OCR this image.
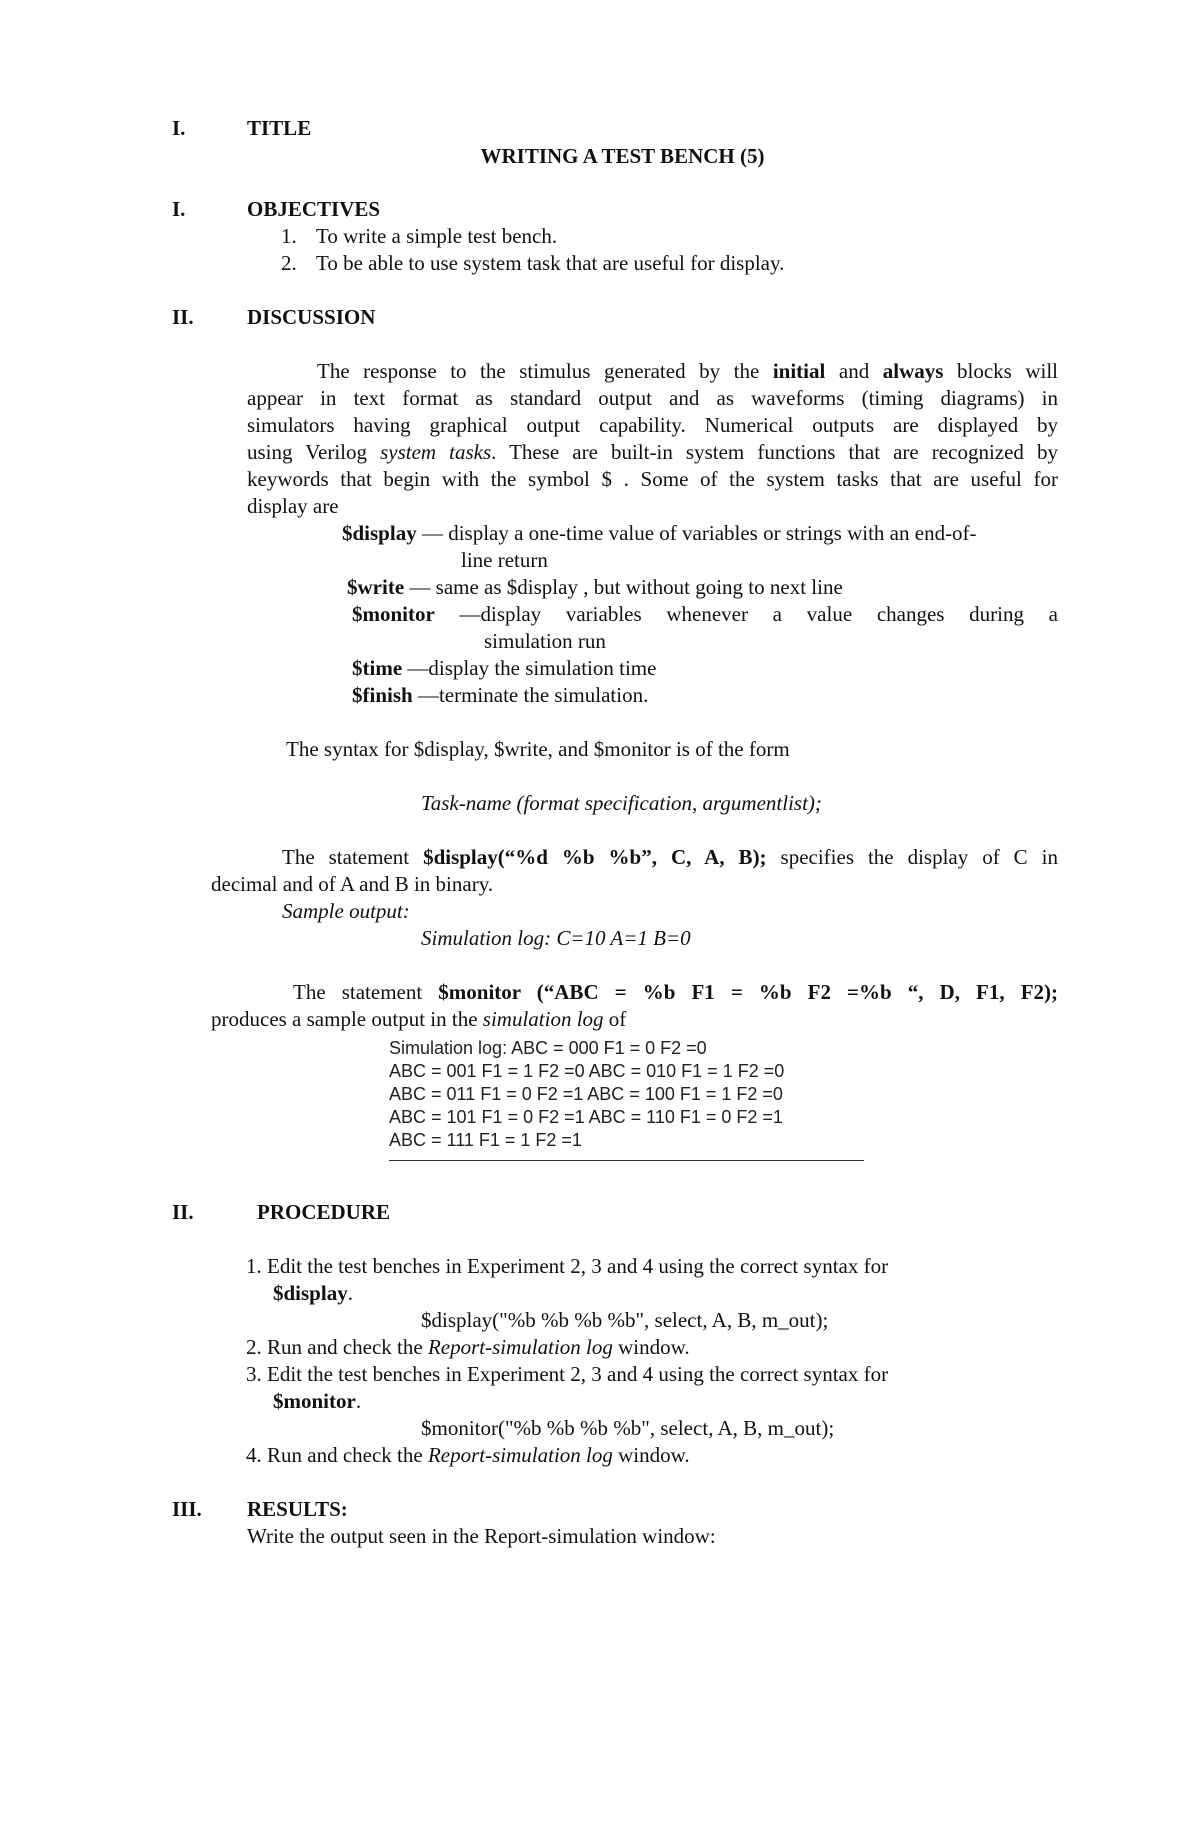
I.	TITLE
WRITING A TEST BENCH (5)
I.	OBJECTIVES
1. To write a simple test bench.
2. To be able to use system task that are useful for display.
II.	DISCUSSION
The response to the stimulus generated by the initial and always blocks will
appear in text format as standard output and as waveforms (timing diagrams) in
simulators having graphical output capability. Numerical outputs are displayed by
using Verilog system tasks. These are built-in system functions that are recognized by
keywords that begin with the symbol $ . Some of the system tasks that are useful for
display are
$display — display a one-time value of variables or strings with an end-of-
line return
$write — same as $display , but without going to next line
$monitor —display variables whenever a value changes during a
simulation run
$time —display the simulation time
$finish —terminate the simulation.
The syntax for $display, $write, and $monitor is of the form
Task-name (format specification, argumentlist);
The statement $display(“%d %b %b”, C, A, B); specifies the display of C in
decimal and of A and B in binary.
Sample output:
Simulation log: C=10 A=1 B=0
The statement $monitor (“ABC = %b F1 = %b F2 =%b “, D, F1, F2);
produces a sample output in the simulation log of
Simulation log: ABC = 000 F1 = 0 F2 =0
ABC = 001 F1 = 1 F2 =0 ABC = 010 F1 = 1 F2 =0
ABC = 011 F1 = 0 F2 =1 ABC = 100 F1 = 1 F2 =0
ABC = 101 F1 = 0 F2 =1 ABC = 110 F1 = 0 F2 =1
ABC = 111 F1 = 1 F2 =1
II.	PROCEDURE
1. Edit the test benches in Experiment 2, 3 and 4 using the correct syntax for
$display.
$display("%b %b %b %b", select, A, B, m_out);
2. Run and check the Report-simulation log window.
3. Edit the test benches in Experiment 2, 3 and 4 using the correct syntax for
$monitor.
$monitor("%b %b %b %b", select, A, B, m_out);
4. Run and check the Report-simulation log window.
III. RESULTS:
Write the output seen in the Report-simulation window:
